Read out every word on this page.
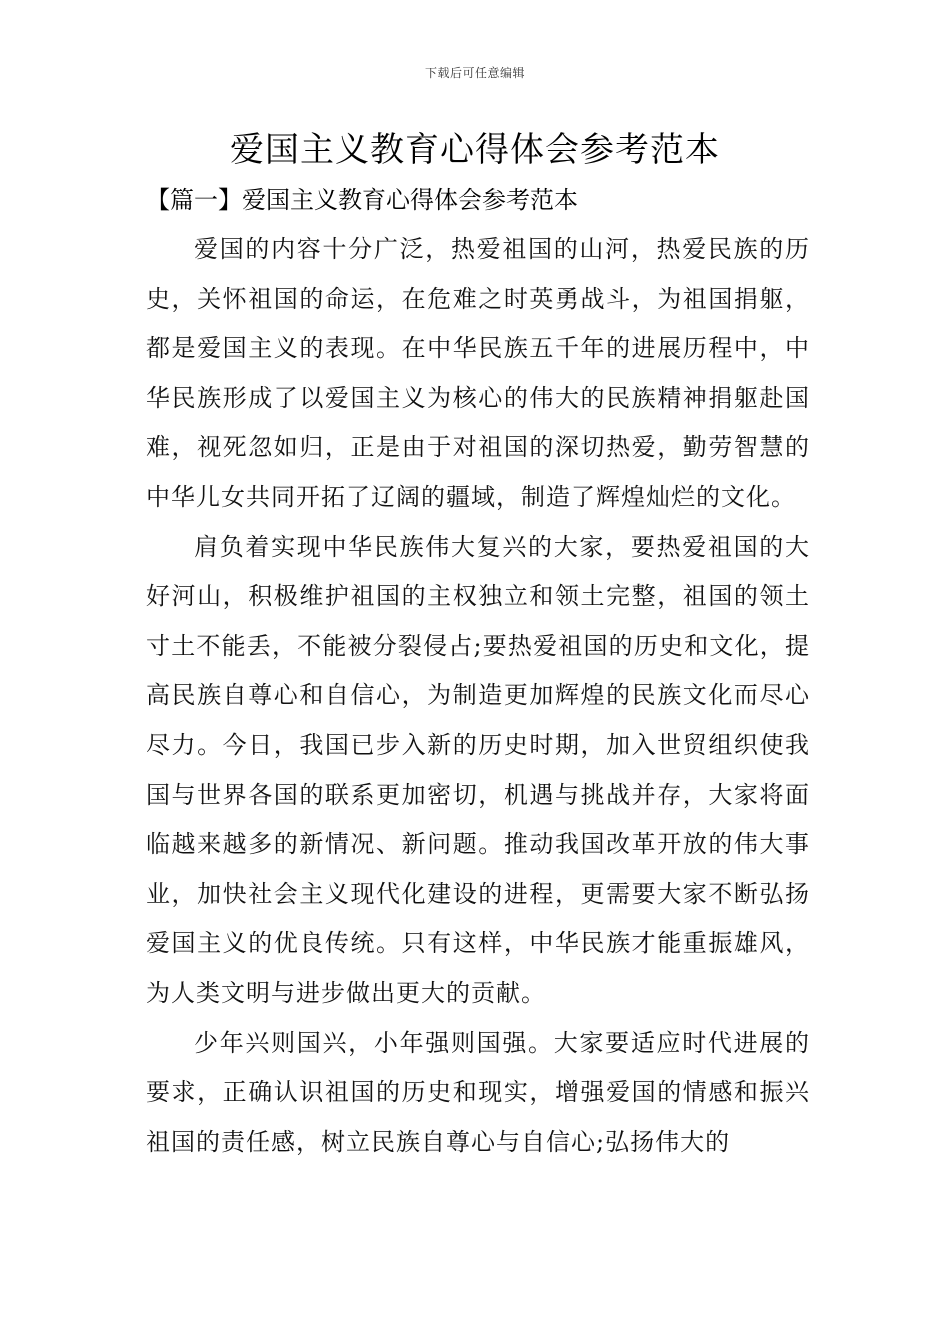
下载后可任意编辑
爱国主义教育心得体会参考范本
【篇一】爱国主义教育心得体会参考范本

爱国的内容十分广泛，热爱祖国的山河，热爱民族的历史，关怀祖国的命运，在危难之时英勇战斗，为祖国捐躯，都是爱国主义的表现。在中华民族五千年的进展历程中，中华民族形成了以爱国主义为核心的伟大的民族精神捐躯赴国难，视死忽如归，正是由于对祖国的深切热爱，勤劳智慧的中华儿女共同开拓了辽阔的疆域，制造了辉煌灿烂的文化。

肩负着实现中华民族伟大复兴的大家，要热爱祖国的大好河山，积极维护祖国的主权独立和领土完整，祖国的领土寸土不能丢，不能被分裂侵占;要热爱祖国的历史和文化，提高民族自尊心和自信心，为制造更加辉煌的民族文化而尽心尽力。今日，我国已步入新的历史时期，加入世贸组织使我国与世界各国的联系更加密切，机遇与挑战并存，大家将面临越来越多的新情况、新问题。推动我国改革开放的伟大事业，加快社会主义现代化建设的进程，更需要大家不断弘扬爱国主义的优良传统。只有这样，中华民族才能重振雄风，为人类文明与进步做出更大的贡献。

少年兴则国兴，小年强则国强。大家要适应时代进展的要求，正确认识祖国的历史和现实，增强爱国的情感和振兴祖国的责任感，树立民族自尊心与自信心;弘扬伟大的
